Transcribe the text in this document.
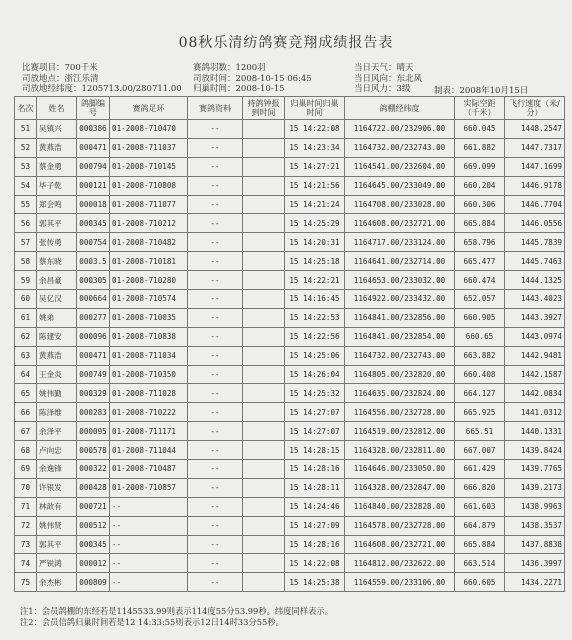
08秋乐清纺鸽赛竞翔成绩报告表
比赛项目：700千米
司放地点：浙江乐清
司放地经纬度：1205713.00/280711.00
赛鸽羽数：1200羽
司放时间：2008-10-15 06:45
归巢时间：2008-10-15
当日天气：晴天
当日风向：东北风
当日风力：3级	制表：2008年10月15日
名次	姓名	鸽脚编号	赛鸽足环	赛鸽资料	持鸽钟报到时间	归巢时间归巢时间	鸽棚经纬度	实际空距（千米）	飞行速度（米/分）
51	吴镇兴	000386	01-2008-710470	--		15 14:22:08	1164722.00/232906.00	660.045	1448.2547
52	黄燕浩	000471	01-2008-711037	--		15 14:23:34	1164732.00/232743.00	661.882	1447.7317
53	蔡金勇	000794	01-2008-710145	--		15 14:27:21	1164541.00/232604.00	669.099	1447.1699
54	毕子乾	000121	01-2008-710808	--		15 14:21:56	1164645.00/233049.00	660.204	1446.9178
55	郑会鸣	000018	01-2008-711077	--		15 14:21:24	1164708.00/233028.00	660.306	1446.7704
56	郭其平	000345	01-2008-710212	--		15 14:25:29	1164608.00/232721.00	665.884	1446.0556
57	张传勇	000754	01-2008-710482	--		15 14:20:31	1164717.00/233124.00	658.796	1445.7839
58	蔡东晓	0003.5	01-2008-710181	--		15 14:25:18	1164641.00/232714.00	665.477	1445.7463
59	余昌豪	000305	01-2008-710280	--		15 14:22:21	1164653.00/233032.00	660.474	1444.1325
60	吴亿汉	000664	01-2008-710574	--		15 14:16:45	1164922.00/233432.00	652.057	1443.4023
61	姚弟	000277	01-2008-710035	--		15 14:22:53	1164841.00/232856.00	660.905	1443.3927
62	陈建安	000096	01-2008-710838	--		15 14:22:56	1164841.00/232854.00	660.65	1443.0974
63	黄燕浩	000471	01-2008-711034	--		15 14:25:06	1164732.00/232743.00	663.882	1442.9481
64	王金炎	000749	01-2008-710350	--		15 14:26:04	1164805.00/232820.00	660.408	1442.1587
65	姚伟勤	000329	01-2008-711028	--		15 14:25:32	1164635.00/232824.00	664.127	1442.0834
66	陈泽维	000283	01-2008-710222	--		15 14:27:07	1164556.00/232728.00	665.925	1441.0312
67	余泽平	000095	01-2008-711171	--		15 14:27:07	1164519.00/232812.00	665.51	1440.1331
68	卢向忠	000578	01-2008-711044	--		15 14:28:15	1164328.00/232811.00	667.007	1439.8424
69	余逸锋	000322	01-2008-710487	--		15 14:28:16	1164646.00/233050.00	661.429	1439.7765
70	许银发	000428	01-2008-710857	--		15 14:28:11	1164328.00/232847.00	666.820	1439.2173
71	林歆有	000721	--	--		15 14:24:46	1164840.00/232828.00	661.603	1438.9963
72	姚伟贤	000512	--	--		15 14:27:09	1164578.00/232728.00	664.879	1438.3537
73	郭其平	000345	--	--		15 14:28:16	1164608.00/232721.00	665.884	1437.8838
74	严锐鸿	000012	--	--		15 14:22:08	1164812.00/232622.00	663.514	1436.3997
75	余杰彬	000809	--	--		15 14:25:38	1164559.00/233106.00	660.605	1434.2271
注1：会员鸽棚的东经若是1145533.99则表示114度55分53.99秒。纬度同样表示。
注2：会员信鸽归巢时间若是12 14:33:55则表示12日14时33分55秒。
